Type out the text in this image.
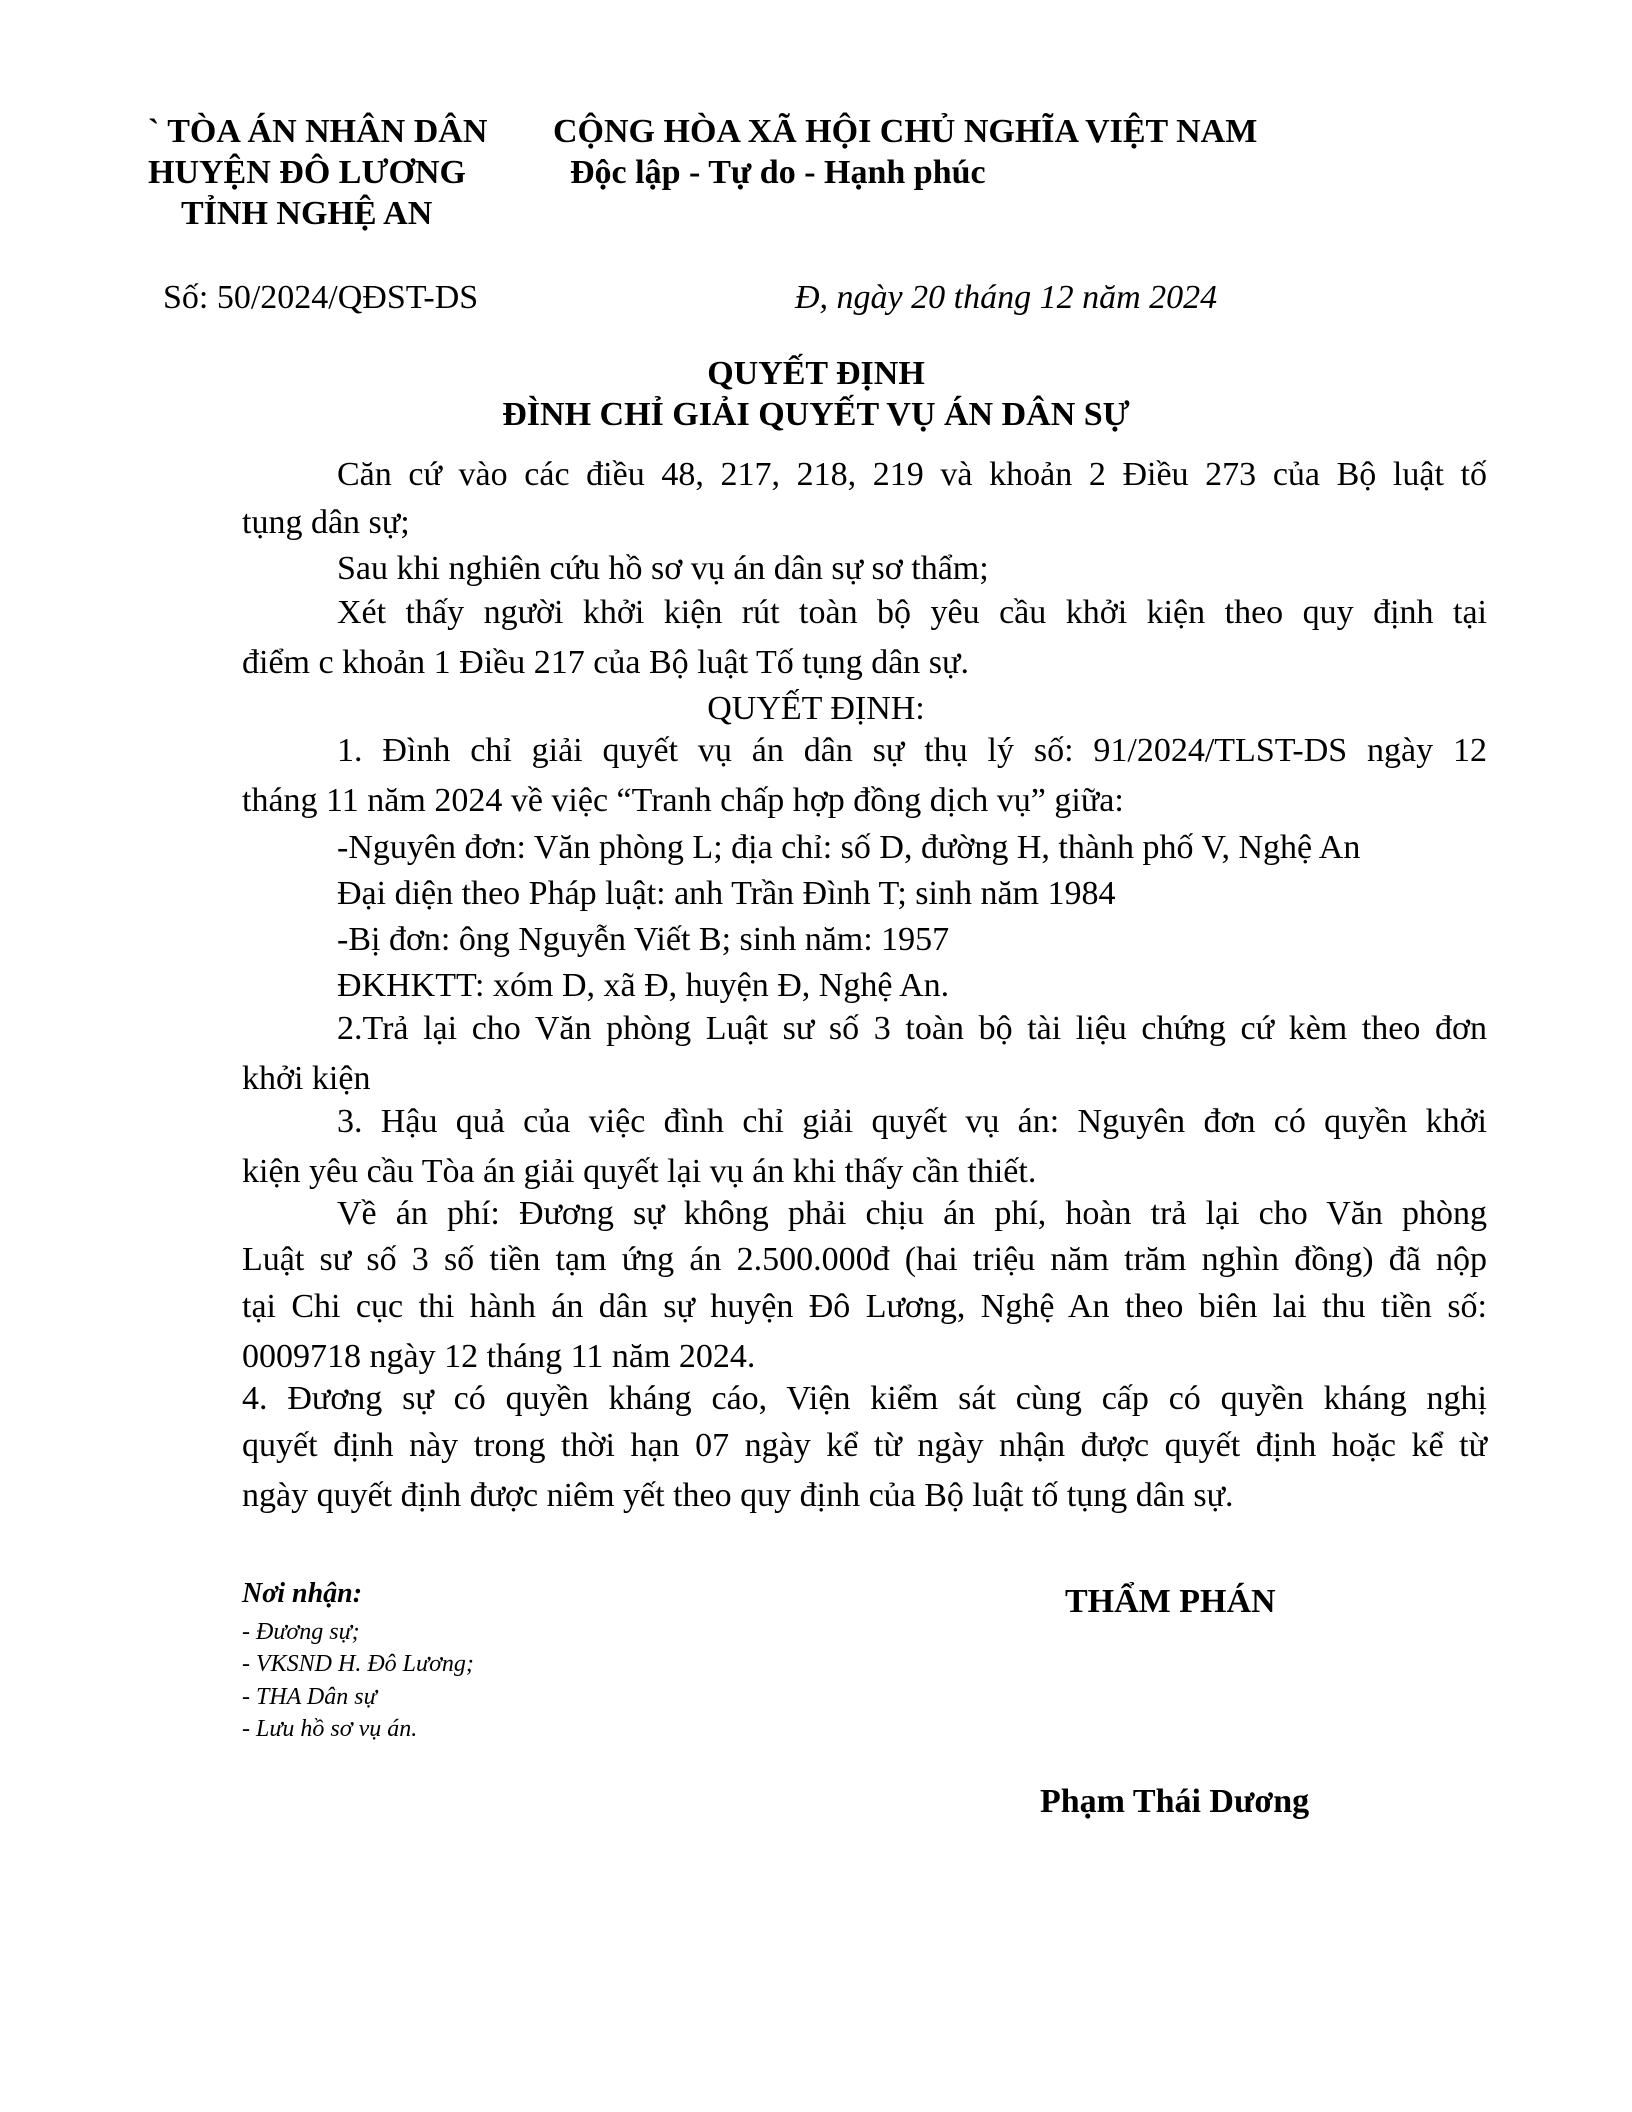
` TÒA ÁN NHÂN DÂN
HUYỆN ĐÔ LƯƠNG
TỈNH NGHỆ AN
CỘNG HÒA XÃ HỘI CHỦ NGHĨA VIỆT NAM
Độc lập - Tự do - Hạnh phúc
Số: 50/2024/QĐST-DS	Đ, ngày 20 tháng 12 năm 2024
QUYẾT ĐỊNH
ĐÌNH CHỈ GIẢI QUYẾT VỤ ÁN DÂN SỰ
Căn cứ vào các điều 48, 217, 218, 219 và khoản 2 Điều 273 của Bộ luật tố
tụng dân sự;
Sau khi nghiên cứu hồ sơ vụ án dân sự sơ thẩm;
Xét thấy người khởi kiện rút toàn bộ yêu cầu khởi kiện theo quy định tại
điểm c khoản 1 Điều 217 của Bộ luật Tố tụng dân sự.
QUYẾT ĐỊNH:
1. Đình chỉ giải quyết vụ án dân sự thụ lý số: 91/2024/TLST-DS ngày 12
tháng 11 năm 2024 về việc “Tranh chấp hợp đồng dịch vụ” giữa:
-Nguyên đơn: Văn phòng L; địa chỉ: số D, đường H, thành phố V, Nghệ An
Đại diện theo Pháp luật: anh Trần Đình T; sinh năm 1984
-Bị đơn: ông Nguyễn Viết B; sinh năm: 1957
ĐKHKTT: xóm D, xã Đ, huyện Đ, Nghệ An.
2.Trả lại cho Văn phòng Luật sư số 3 toàn bộ tài liệu chứng cứ kèm theo đơn
khởi kiện
3. Hậu quả của việc đình chỉ giải quyết vụ án: Nguyên đơn có quyền khởi
kiện yêu cầu Tòa án giải quyết lại vụ án khi thấy cần thiết.
Về án phí: Đương sự không phải chịu án phí, hoàn trả lại cho Văn phòng
Luật sư số 3 số tiền tạm ứng án 2.500.000đ (hai triệu năm trăm nghìn đồng) đã nộp
tại Chi cục thi hành án dân sự huyện Đô Lương, Nghệ An theo biên lai thu tiền số:
0009718 ngày 12 tháng 11 năm 2024.
4. Đương sự có quyền kháng cáo, Viện kiểm sát cùng cấp có quyền kháng nghị
quyết định này trong thời hạn 07 ngày kể từ ngày nhận được quyết định hoặc kể từ
ngày quyết định được niêm yết theo quy định của Bộ luật tố tụng dân sự.
Nơi nhận:
- Đương sự;
- VKSND H. Đô Lương;
- THA Dân sự
- Lưu hồ sơ vụ án.
THẨM PHÁN
Phạm Thái Dương
